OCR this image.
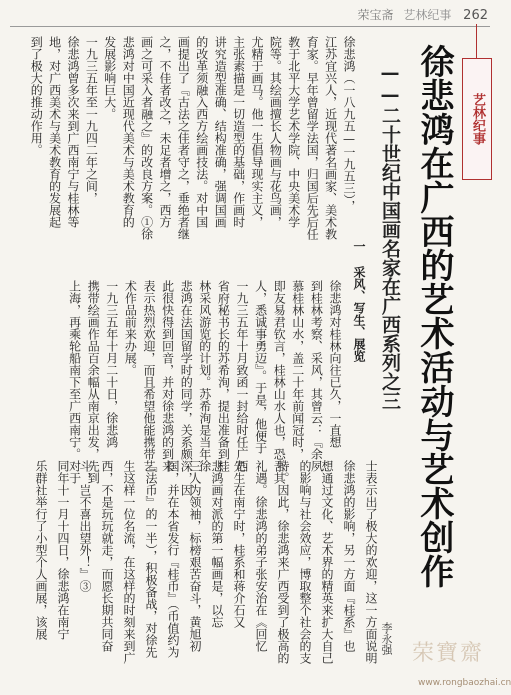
荣宝斋 艺林纪事 262
艺林纪事
徐悲鸿在广西的艺术活动与艺术创作
——二十世纪中国画名家在广西系列之三
李永强
士表示出了极大的欢迎，这一方面说明
徐悲鸿的影响，另一方面『桂系』也
想通过文化、艺术界的精英来扩大自己
的影响与社会效应，博取整个社会的支
持。因此，徐悲鸿来广西受到了极高的
礼遇。徐悲鸿的弟子张安治在《回忆
先生在南宁时，桂系和蒋介石又
悲鸿画对派的第一幅画是，以忘
三人为领袖，标榜艰苦奋斗，黄旭初
国，并在本省发行『桂币』（币值约为
『法币』的一半），积极备战，对徐先
生这样一位名流，在这样的时刻来到广
西，不是玩玩就走，而愿长期共同奋
斗，岂不喜出望外！』③
同年十一月十四日，徐悲鸿在南宁
乐群社举行了小型个人画展，该展
一 采风、写生、展览
徐悲鸿对桂林向往已久，一直想
到桂林考察、采风，其曾云：『余夙
慕桂林山水，盖二十年前闻冠时，
即友易君钦言，桂林山水人也，恐吾其
人，悉诚事勇迈』。于是，他便于
一九三五年十月致函一封给时任广西
省府秘书长的苏希洵，提出准备到桂
林采风游览的计划。苏希洵是当年徐
悲鸿在法国留学时的同学，关系颇深，因
此很快得到回音，并对徐悲鸿的到来
表示热烈欢迎，而且希望他能携带艺
术作品前来办展。
一九三五年十月二十日，徐悲鸿
携带绘画作品百余幅从南京出发，先到
上海，再乘轮船南下至广西南宁。对于
徐悲鸿（一八九五—一九五三），
江苏宜兴人，近现代著名画家、美术教
育家。早年曾留学法国，归国后先后任
教于北平大学艺术学院、中央美术学
院等。其绘画擅长人物画与花鸟画，
尤精于画马。他一生倡导现实主义，
主张素描是一切造型的基础，作画时
讲究造型准确、结构准确，强调国画
的改革须融入西方绘画技法。对中国
画提出了『古法之佳者守之，垂绝者继
之，不佳者改之，未足者增之，西方
画之可采入者融之』的改良方案。①徐
悲鸿对中国近现代美术与美术教育的
发展影响巨大。
一九三五年至一九四二年之间，
徐悲鸿曾多次来到广西南宁与桂林等
地，对广西美术与美术教育的发展起
到了极大的推动作用。
荣寶齋
www.rongbaozhai.cn
